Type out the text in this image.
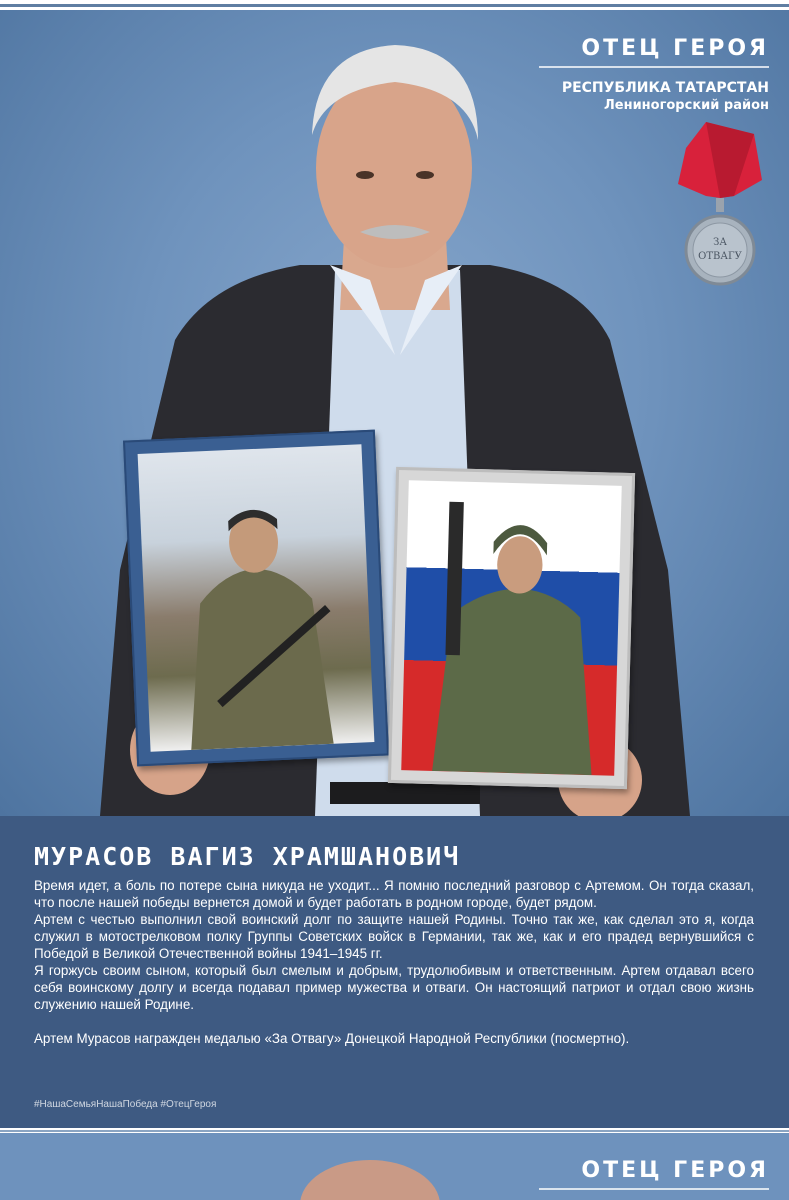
ОТЕЦ ГЕРОЯ
РЕСПУБЛИКА ТАТАРСТАН
Лениногорский район
ЗА
ОТВАГУ
МУРАСОВ ВАГИЗ ХРАМШАНОВИЧ

Время идет, а боль по потере сына никуда не уходит... Я помню последний разговор с Артемом. Он тогда сказал, что после нашей победы вернется домой и будет работать в родном городе, будет рядом.

Артем с честью выполнил свой воинский долг по защите нашей Родины. Точно так же, как сделал это я, когда служил в мотострелковом полку Группы Советских войск в Германии, так же, как и его прадед вернувшийся с Победой в Великой Отечественной войны 1941–1945 гг.

Я горжусь своим сыном, который был смелым и добрым, трудолюбивым и ответственным. Артем отдавал всего себя воинскому долгу и всегда подавал пример мужества и отваги. Он настоящий патриот и отдал свою жизнь служению нашей Родине.

Артем Мурасов награжден медалью «За Отвагу» Донецкой Народной Республики (посмертно).

#НашаСемьяНашаПобеда #ОтецГероя
ОТЕЦ ГЕРОЯ
